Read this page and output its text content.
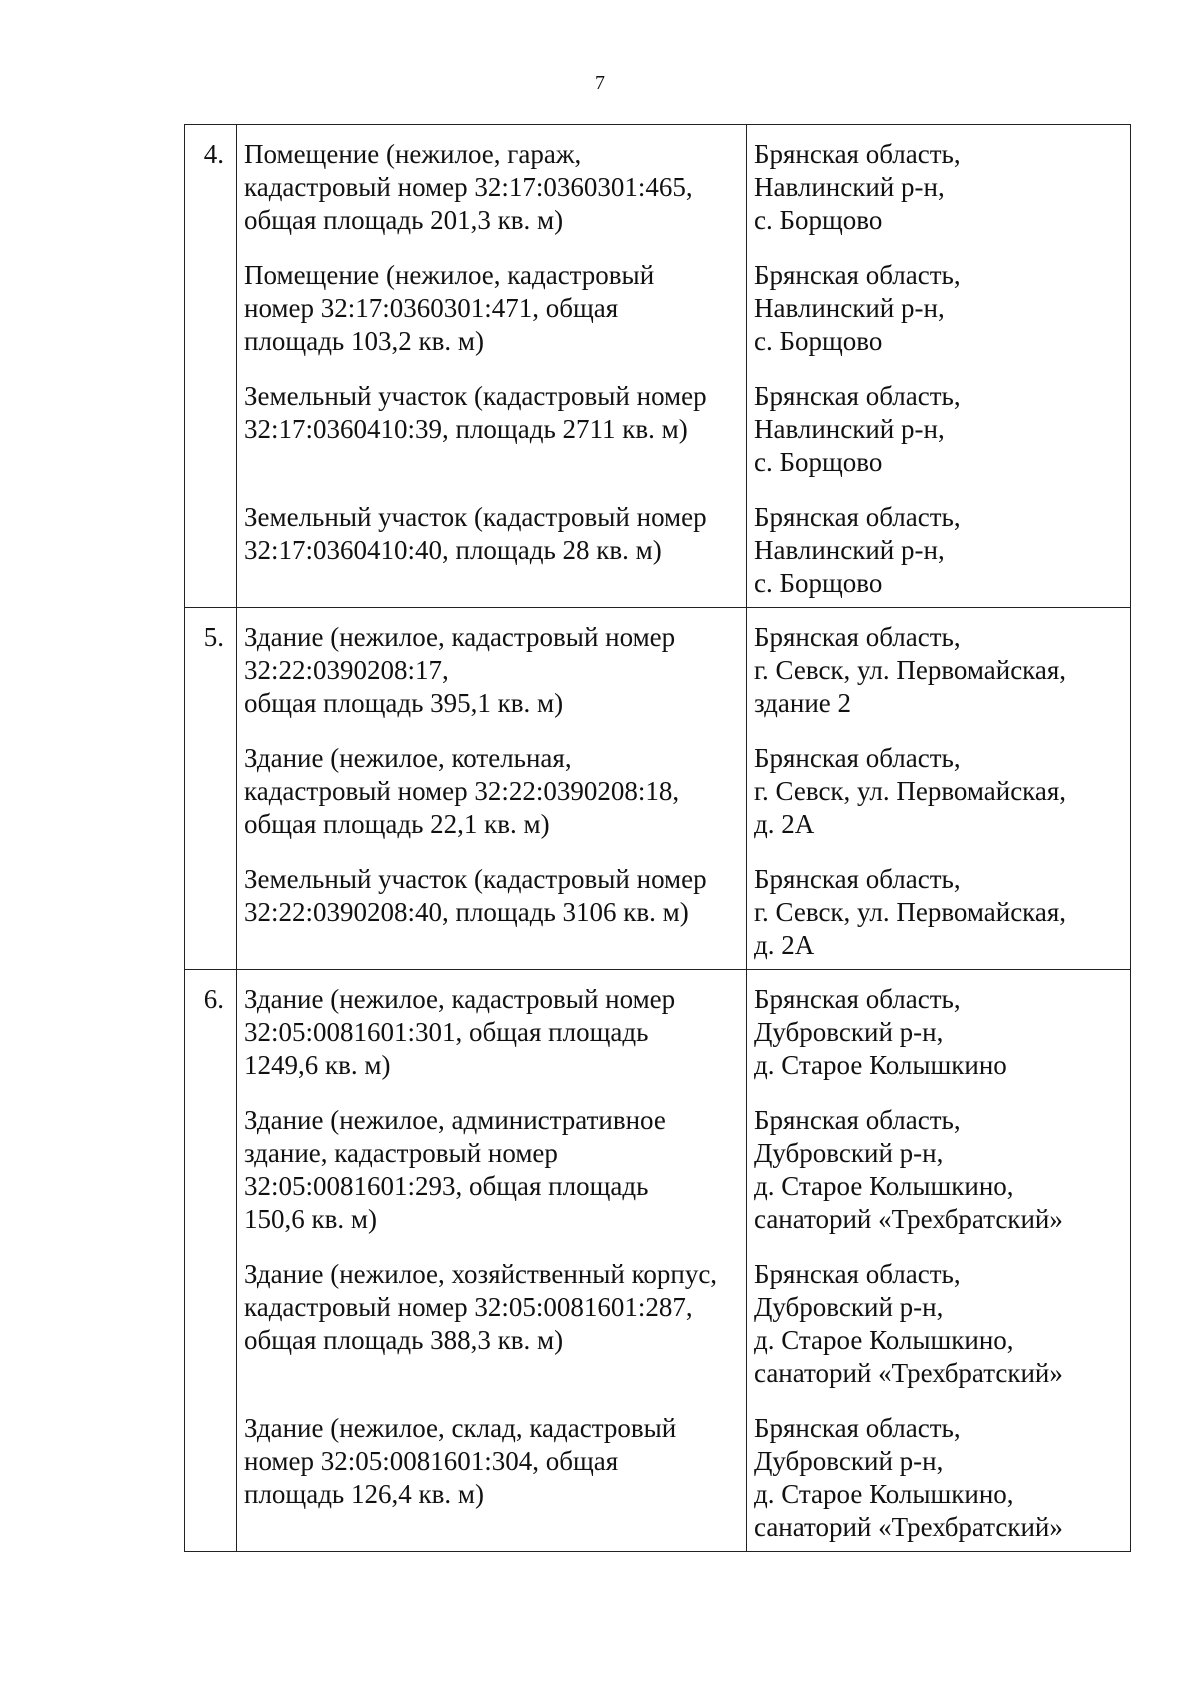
7
4.	Помещение (нежилое, гараж,
кадастровый номер 32:17:0360301:465,
общая площадь 201,3 кв. м)	Брянская область,
Навлинский р-н,
с. Борщово

	Помещение (нежилое, кадастровый
номер 32:17:0360301:471, общая
площадь 103,2 кв. м)	Брянская область,
Навлинский р-н,
с. Борщово

	Земельный участок (кадастровый номер
32:17:0360410:39, площадь 2711 кв. м)	Брянская область,
Навлинский р-н,
с. Борщово

	Земельный участок (кадастровый номер
32:17:0360410:40, площадь 28 кв. м)	Брянская область,
Навлинский р-н,
с. Борщово

5.	Здание (нежилое, кадастровый номер
32:22:0390208:17,
общая площадь 395,1 кв. м)	Брянская область,
г. Севск, ул. Первомайская,
здание 2

	Здание (нежилое, котельная,
кадастровый номер 32:22:0390208:18,
общая площадь 22,1 кв. м)	Брянская область,
г. Севск, ул. Первомайская,
д. 2А

	Земельный участок (кадастровый номер
32:22:0390208:40, площадь 3106 кв. м)	Брянская область,
г. Севск, ул. Первомайская,
д. 2А

6.	Здание (нежилое, кадастровый номер
32:05:0081601:301, общая площадь
1249,6 кв. м)	Брянская область,
Дубровский р-н,
д. Старое Колышкино

	Здание (нежилое, административное
здание, кадастровый номер
32:05:0081601:293, общая площадь
150,6 кв. м)	Брянская область,
Дубровский р-н,
д. Старое Колышкино,
санаторий «Трехбратский»

	Здание (нежилое, хозяйственный корпус,
кадастровый номер 32:05:0081601:287,
общая площадь 388,3 кв. м)	Брянская область,
Дубровский р-н,
д. Старое Колышкино,
санаторий «Трехбратский»

	Здание (нежилое, склад, кадастровый
номер 32:05:0081601:304, общая
площадь 126,4 кв. м)	Брянская область,
Дубровский р-н,
д. Старое Колышкино,
санаторий «Трехбратский»
